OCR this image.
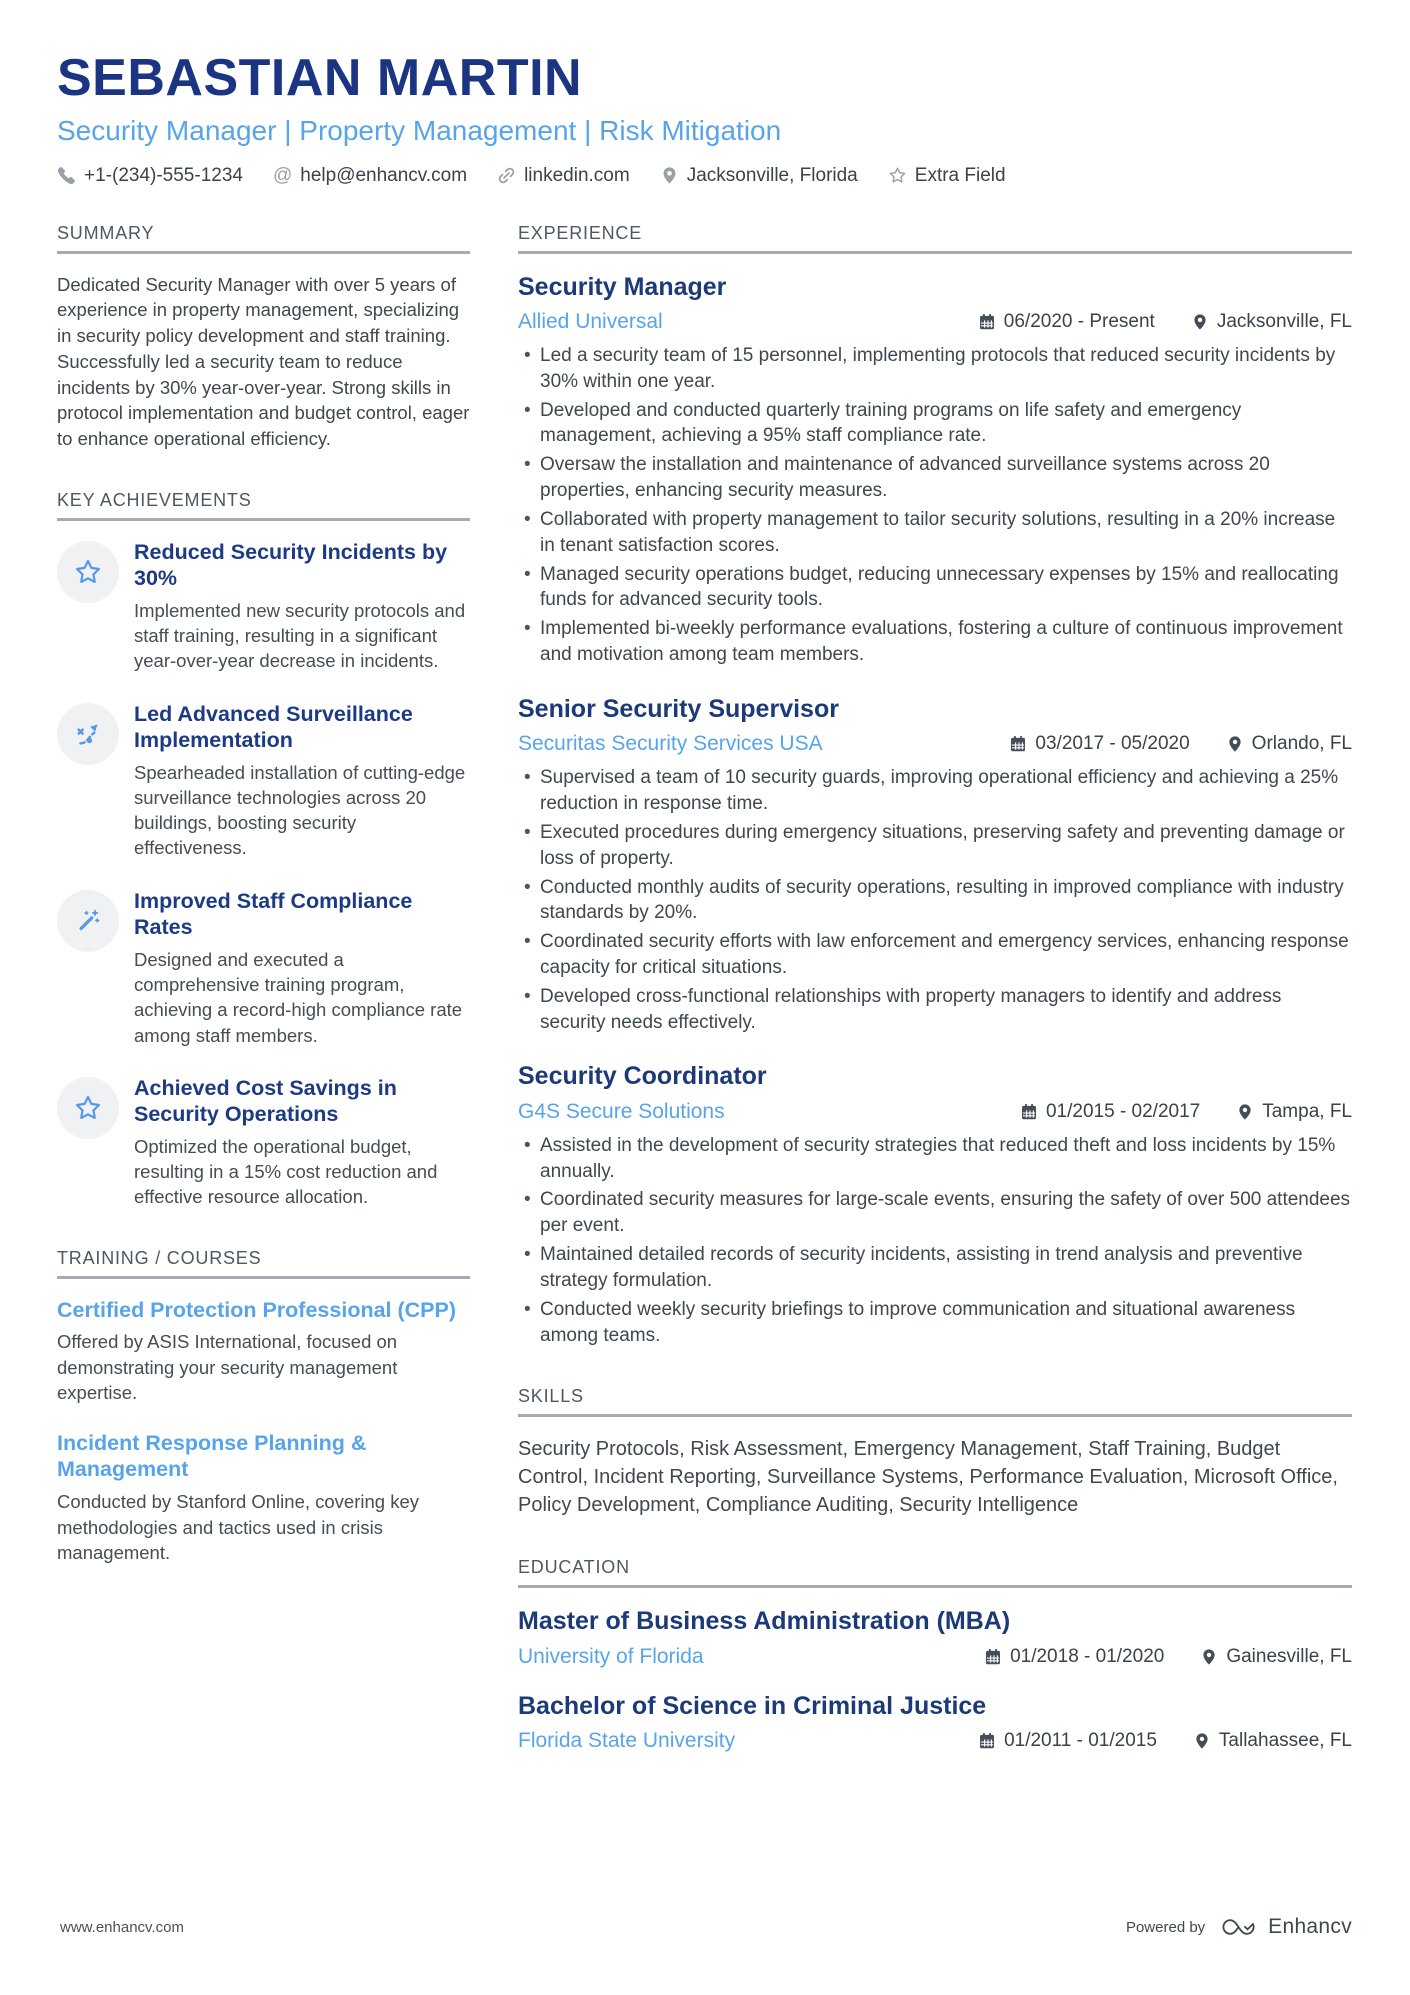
SEBASTIAN MARTIN
Security Manager | Property Management | Risk Mitigation
+1-(234)-555-1234 @ help@enhancv.com	linkedin.com	Jacksonville, Florida	Extra Field
SUMMARY

Dedicated Security Manager with over 5 years of experience in property management, specializing in security policy development and staff training. Successfully led a security team to reduce incidents by 30% year-over-year. Strong skills in protocol implementation and budget control, eager to enhance operational efficiency.

KEY ACHIEVEMENTS
Reduced Security Incidents by 30%
Implemented new security protocols and staff training, resulting in a significant year-over-year decrease in incidents.
Led Advanced Surveillance Implementation
Spearheaded installation of cutting-edge surveillance technologies across 20 buildings, boosting security effectiveness.
Improved Staff Compliance Rates
Designed and executed a comprehensive training program, achieving a record-high compliance rate among staff members.
Achieved Cost Savings in Security Operations
Optimized the operational budget, resulting in a 15% cost reduction and effective resource allocation.
TRAINING / COURSES
Certified Protection Professional (CPP)
Offered by ASIS International, focused on demonstrating your security management expertise.
Incident Response Planning & Management
Conducted by Stanford Online, covering key methodologies and tactics used in crisis management.
EXPERIENCE
Security Manager
Allied Universal	06/2020 - Present	Jacksonville, FL
• Led a security team of 15 personnel, implementing protocols that reduced security incidents by 30% within one year.
• Developed and conducted quarterly training programs on life safety and emergency management, achieving a 95% staff compliance rate.
• Oversaw the installation and maintenance of advanced surveillance systems across 20 properties, enhancing security measures.
• Collaborated with property management to tailor security solutions, resulting in a 20% increase in tenant satisfaction scores.
• Managed security operations budget, reducing unnecessary expenses by 15% and reallocating funds for advanced security tools.
• Implemented bi-weekly performance evaluations, fostering a culture of continuous improvement and motivation among team members.
Senior Security Supervisor
Securitas Security Services USA	03/2017 - 05/2020	Orlando, FL
• Supervised a team of 10 security guards, improving operational efficiency and achieving a 25% reduction in response time.
• Executed procedures during emergency situations, preserving safety and preventing damage or loss of property.
• Conducted monthly audits of security operations, resulting in improved compliance with industry standards by 20%.
• Coordinated security efforts with law enforcement and emergency services, enhancing response capacity for critical situations.
• Developed cross-functional relationships with property managers to identify and address security needs effectively.
Security Coordinator
G4S Secure Solutions	01/2015 - 02/2017	Tampa, FL
• Assisted in the development of security strategies that reduced theft and loss incidents by 15% annually.
• Coordinated security measures for large-scale events, ensuring the safety of over 500 attendees per event.
• Maintained detailed records of security incidents, assisting in trend analysis and preventive strategy formulation.
• Conducted weekly security briefings to improve communication and situational awareness among teams.
SKILLS

Security Protocols, Risk Assessment, Emergency Management, Staff Training, Budget Control, Incident Reporting, Surveillance Systems, Performance Evaluation, Microsoft Office, Policy Development, Compliance Auditing, Security Intelligence

EDUCATION
Master of Business Administration (MBA)
University of Florida	01/2018 - 01/2020	Gainesville, FL
Bachelor of Science in Criminal Justice
Florida State University	01/2011 - 01/2015	Tallahassee, FL
www.enhancv.com	Powered by	Enhancv
